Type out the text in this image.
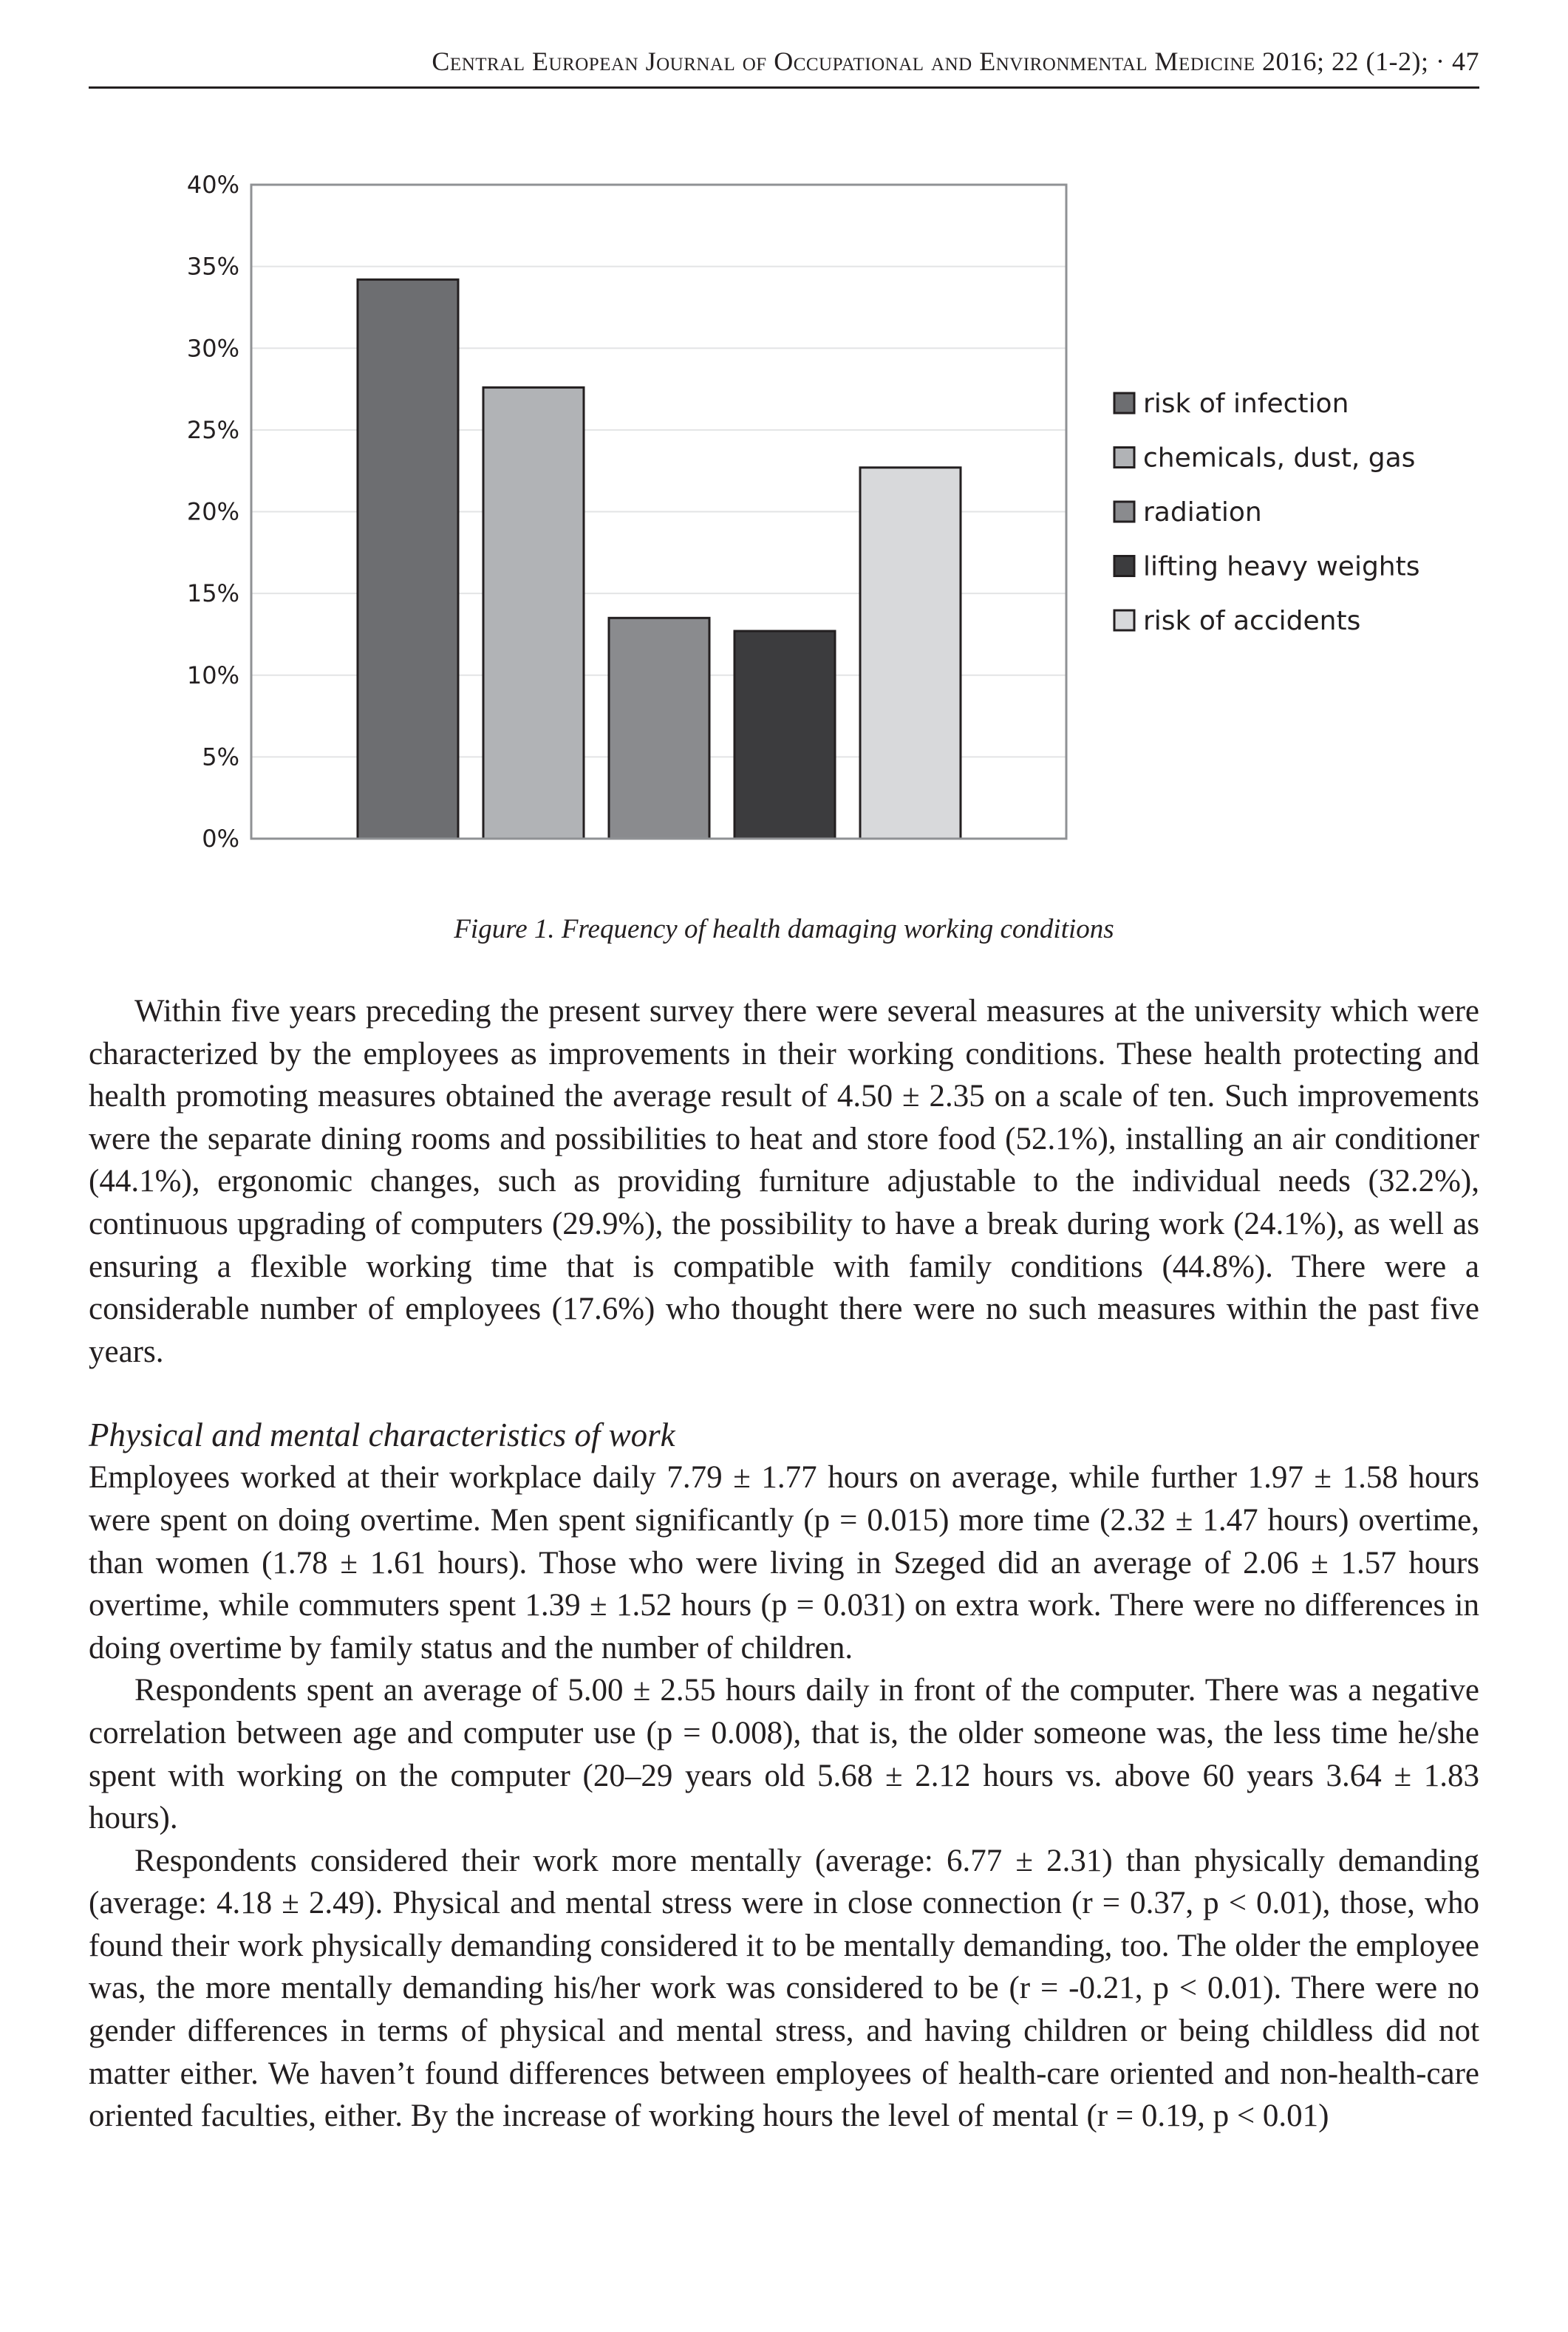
Central European Journal of Occupational and Environmental Medicine 2016; 22 (1-2); · 47
0%
5%
10%
15%
20%
25%
30%
35%
40%
risk of infection
chemicals, dust, gas
radiation
lifting heavy weights
risk of accidents
Figure 1. Frequency of health damaging working conditions

Within five years preceding the present survey there were several measures at the university which were characterized by the employees as improvements in their working conditions. These health protecting and health promoting measures obtained the average result of 4.50 ± 2.35 on a scale of ten. Such improvements were the separate dining rooms and possibilities to heat and store food (52.1%), installing an air conditioner (44.1%), ergonomic changes, such as providing furniture adjustable to the individual needs (32.2%), continuous upgrading of computers (29.9%), the possibility to have a break during work (24.1%), as well as ensuring a flexible working time that is compatible with family conditions (44.8%). There were a considerable number of employees (17.6%) who thought there were no such measures within the past five years.

Physical and mental characteristics of work

Employees worked at their workplace daily 7.79 ± 1.77 hours on average, while further 1.97 ± 1.58 hours were spent on doing overtime. Men spent significantly (p = 0.015) more time (2.32 ± 1.47 hours) overtime, than women (1.78 ± 1.61 hours). Those who were living in Szeged did an average of 2.06 ± 1.57 hours overtime, while commuters spent 1.39 ± 1.52 hours (p = 0.031) on extra work. There were no differences in doing overtime by family status and the number of children.

Respondents spent an average of 5.00 ± 2.55 hours daily in front of the computer. There was a negative correlation between age and computer use (p = 0.008), that is, the older someone was, the less time he/she spent with working on the computer (20–29 years old 5.68 ± 2.12 hours vs. above 60 years 3.64 ± 1.83 hours).

Respondents considered their work more mentally (average: 6.77 ± 2.31) than physically demanding (average: 4.18 ± 2.49). Physical and mental stress were in close connection (r = 0.37, p < 0.01), those, who found their work physically demanding considered it to be mentally demanding, too. The older the employee was, the more mentally demanding his/her work was considered to be (r = -0.21, p < 0.01). There were no gender differences in terms of physical and mental stress, and having children or being childless did not matter either. We haven’t found differences between employees of health-care oriented and non-health-care oriented faculties, either. By the increase of working hours the level of mental (r = 0.19, p < 0.01)
